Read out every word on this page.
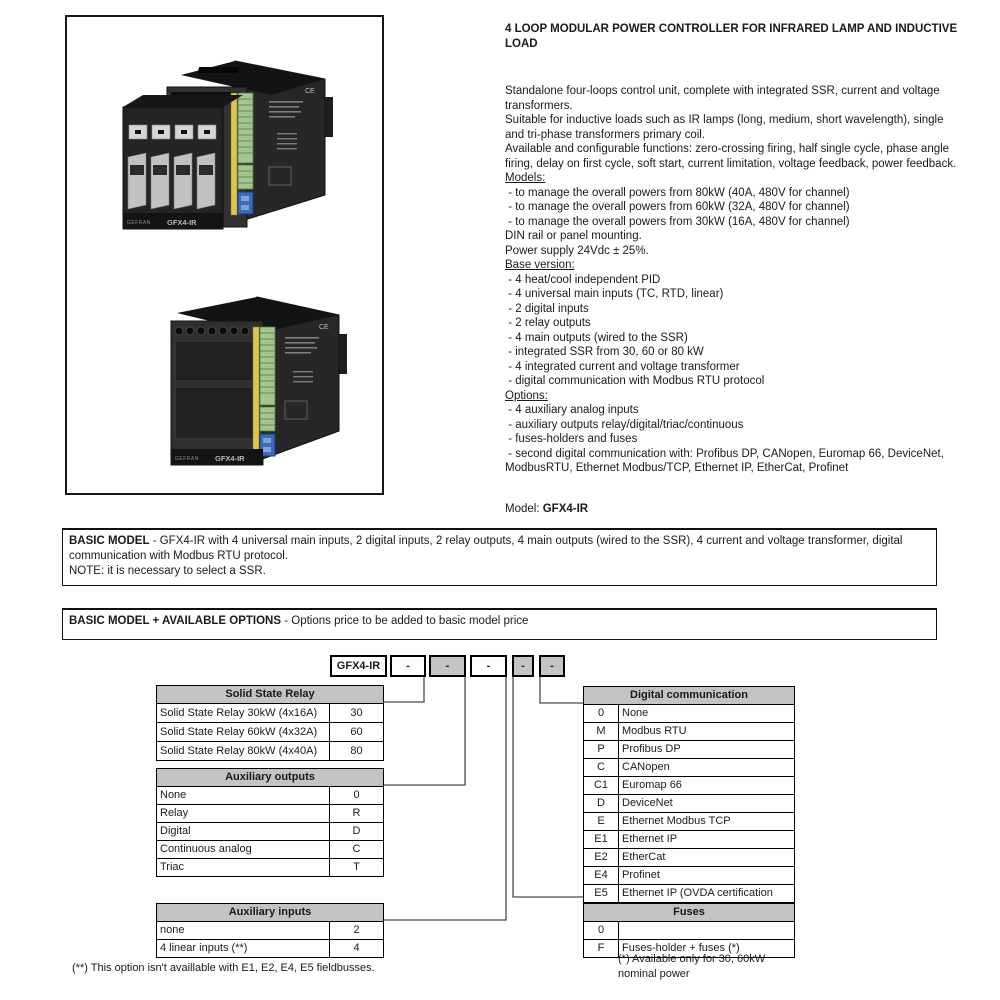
CE
GEFRAN GFX4-IR
CE
GEFRAN GFX4-IR
4 LOOP MODULAR POWER CONTROLLER FOR INFRARED LAMP AND INDUCTIVE LOAD
Standalone four-loops control unit, complete with integrated SSR, current and voltage transformers.
Suitable for inductive loads such as IR lamps (long, medium, short wavelength), single and tri-phase transformers primary coil.
Available and configurable functions: zero-crossing firing, half single cycle, phase angle firing, delay on first cycle, soft start, current limitation, voltage feedback, power feedback.
Models:
- to manage the overall powers from 80kW (40A, 480V for channel)
- to manage the overall powers from 60kW (32A, 480V for channel)
- to manage the overall powers from 30kW (16A, 480V for channel)
DIN rail or panel mounting.
Power supply 24Vdc ± 25%.
Base version:
- 4 heat/cool independent PID
- 4 universal main inputs (TC, RTD, linear)
- 2 digital inputs
- 2 relay outputs
- 4 main outputs (wired to the SSR)
- integrated SSR from 30, 60 or 80 kW
- 4 integrated current and voltage transformer
- digital communication with Modbus RTU protocol
Options:
- 4 auxiliary analog inputs
- auxiliary outputs relay/digital/triac/continuous
- fuses-holders and fuses
- second digital communication with: Profibus DP, CANopen, Euromap 66, DeviceNet, ModbusRTU, Ethernet Modbus/TCP, Ethernet IP, EtherCat, Profinet
Model: GFX4-IR
BASIC MODEL - GFX4-IR with 4 universal main inputs, 2 digital inputs, 2 relay outputs, 4 main outputs (wired to the SSR), 4 current and voltage transformer, digital communication with Modbus RTU protocol.
NOTE: it is necessary to select a SSR.
BASIC MODEL + AVAILABLE OPTIONS - Options price to be added to basic model price
GFX4-IR	-	-	-	-	-
Solid State Relay
Solid State Relay 30kW (4x16A)	30
Solid State Relay 60kW (4x32A)	60
Solid State Relay 80kW (4x40A)	80
Auxiliary outputs
None	0
Relay	R
Digital	D
Continuous analog	C
Triac	T
Auxiliary inputs
none	2
4 linear inputs (**)	4
Digital communication
0	None
M	Modbus RTU
P	Profibus DP
C	CANopen
C1	Euromap 66
D	DeviceNet
E	Ethernet Modbus TCP
E1	Ethernet IP
E2	EtherCat
E4	Profinet
E5	Ethernet IP (OVDA certification
Fuses
0
F	Fuses-holder + fuses (*)
(*) Available only for 30, 60kW
nominal power
(**) This option isn't availlable with E1, E2, E4, E5 fieldbusses.
